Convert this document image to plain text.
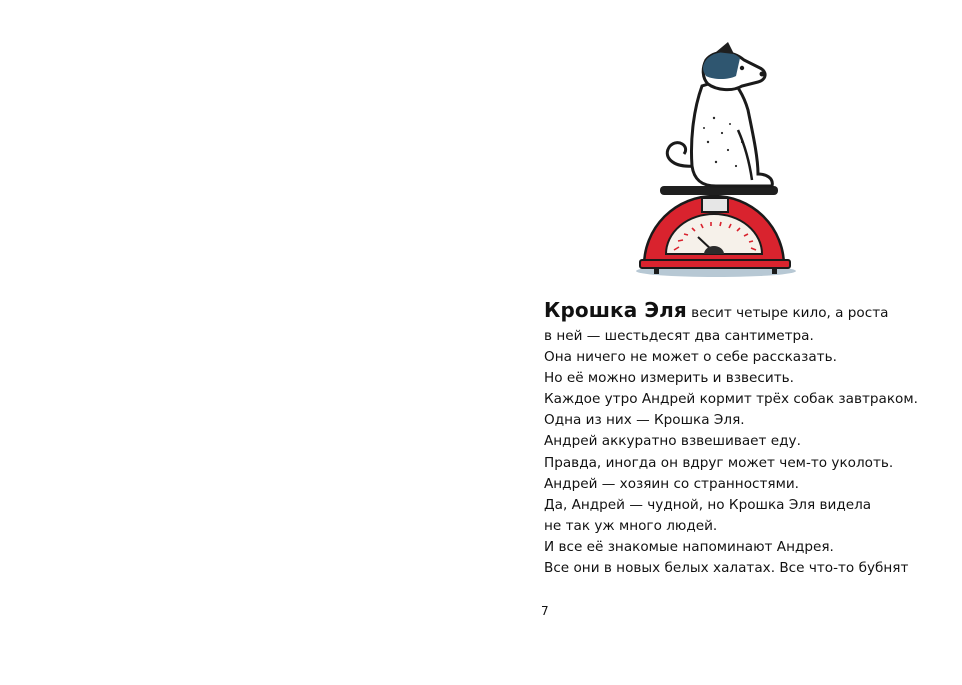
Крошка Эля весит четыре кило, а роста
в ней — шестьдесят два сантиметра.
Она ничего не может о себе рассказать.
Но её можно измерить и взвесить.
Каждое утро Андрей кормит трёх собак завтраком.
Одна из них — Крошка Эля.
Андрей аккуратно взвешивает еду.
Правда, иногда он вдруг может чем-то уколоть.
Андрей — хозяин со странностями.
Да, Андрей — чудной, но Крошка Эля видела
не так уж много людей.
И все её знакомые напоминают Андрея.
Все они в новых белых халатах. Все что-то бубнят
7
